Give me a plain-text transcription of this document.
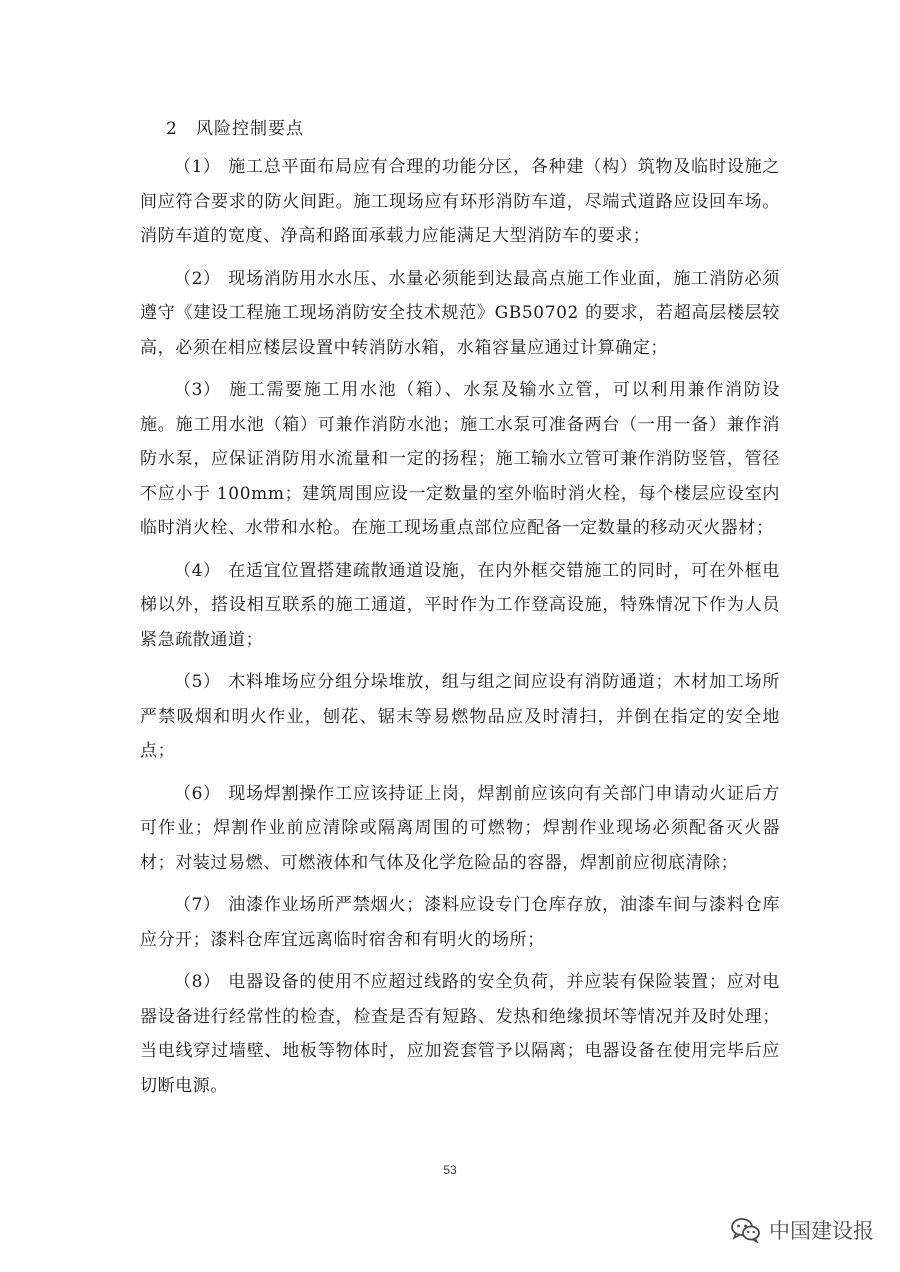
2 风险控制要点

（1） 施工总平面布局应有合理的功能分区，各种建（构）筑物及临时设施之间应符合要求的防火间距。施工现场应有环形消防车道，尽端式道路应设回车场。消防车道的宽度、净高和路面承载力应能满足大型消防车的要求；

（2） 现场消防用水水压、水量必须能到达最高点施工作业面，施工消防必须遵守《建设工程施工现场消防安全技术规范》GB50702 的要求，若超高层楼层较高，必须在相应楼层设置中转消防水箱，水箱容量应通过计算确定；

（3） 施工需要施工用水池（箱）、水泵及输水立管，可以利用兼作消防设施。施工用水池（箱）可兼作消防水池；施工水泵可准备两台（一用一备）兼作消防水泵，应保证消防用水流量和一定的扬程；施工输水立管可兼作消防竖管，管径不应小于 100mm；建筑周围应设一定数量的室外临时消火栓，每个楼层应设室内临时消火栓、水带和水枪。在施工现场重点部位应配备一定数量的移动灭火器材；

（4） 在适宜位置搭建疏散通道设施，在内外框交错施工的同时，可在外框电梯以外，搭设相互联系的施工通道，平时作为工作登高设施，特殊情况下作为人员紧急疏散通道；

（5） 木料堆场应分组分垛堆放，组与组之间应设有消防通道；木材加工场所严禁吸烟和明火作业，刨花、锯末等易燃物品应及时清扫，并倒在指定的安全地点；

（6） 现场焊割操作工应该持证上岗，焊割前应该向有关部门申请动火证后方可作业；焊割作业前应清除或隔离周围的可燃物；焊割作业现场必须配备灭火器材；对装过易燃、可燃液体和气体及化学危险品的容器，焊割前应彻底清除；

（7） 油漆作业场所严禁烟火；漆料应设专门仓库存放，油漆车间与漆料仓库应分开；漆料仓库宜远离临时宿舍和有明火的场所；

（8） 电器设备的使用不应超过线路的安全负荷，并应装有保险装置；应对电器设备进行经常性的检查，检查是否有短路、发热和绝缘损坏等情况并及时处理；当电线穿过墙壁、地板等物体时，应加瓷套管予以隔离；电器设备在使用完毕后应切断电源。

53
中国建设报
